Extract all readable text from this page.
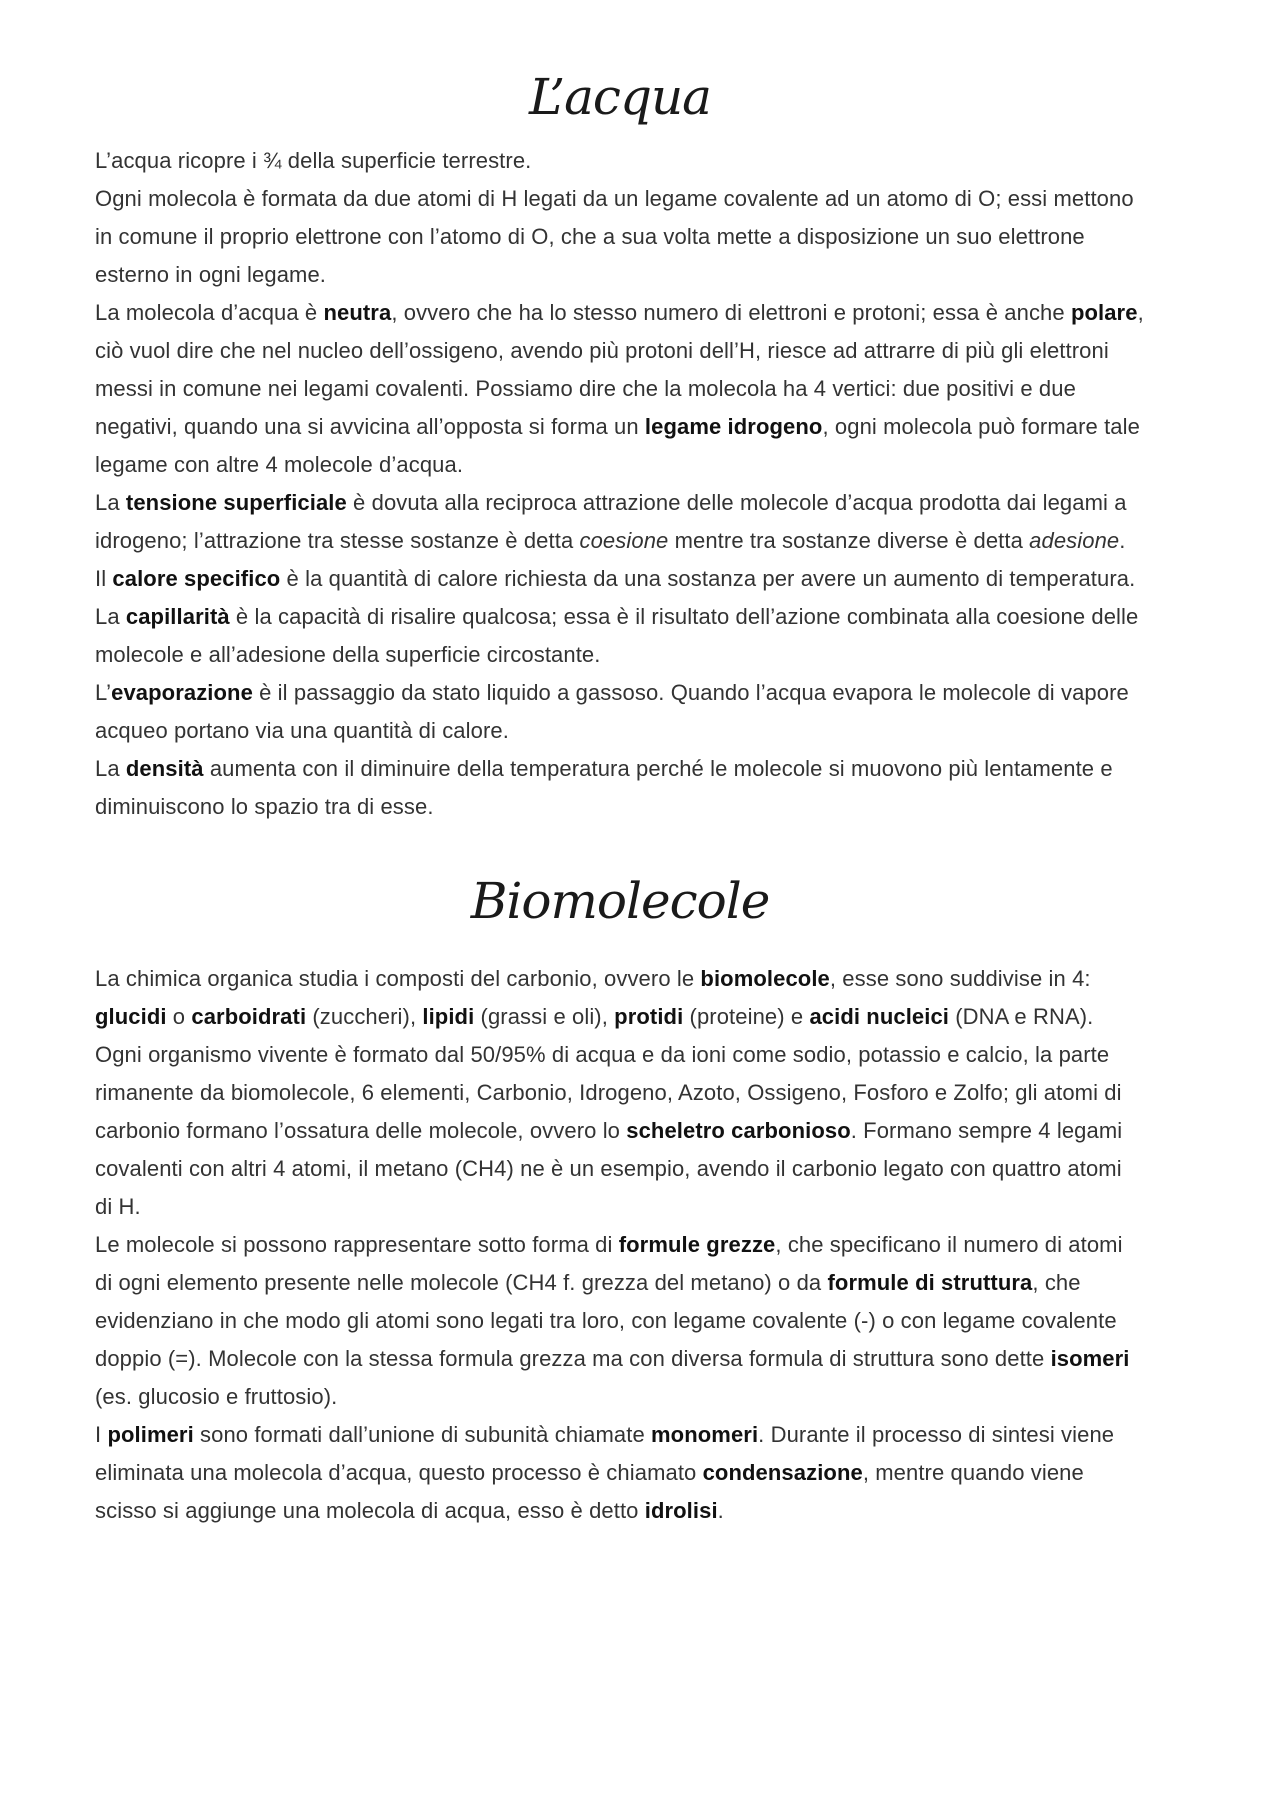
L’acqua

L’acqua ricopre i ¾ della superficie terrestre.

Ogni molecola è formata da due atomi di H legati da un legame covalente ad un atomo di O; essi mettono in comune il proprio elettrone con l’atomo di O, che a sua volta mette a disposizione un suo elettrone esterno in ogni legame.

La molecola d’acqua è neutra, ovvero che ha lo stesso numero di elettroni e protoni; essa è anche polare, ciò vuol dire che nel nucleo dell’ossigeno, avendo più protoni dell’H, riesce ad attrarre di più gli elettroni messi in comune nei legami covalenti. Possiamo dire che la molecola ha 4 vertici: due positivi e due negativi, quando una si avvicina all’opposta si forma un legame idrogeno, ogni molecola può formare tale legame con altre 4 molecole d’acqua.

La tensione superficiale è dovuta alla reciproca attrazione delle molecole d’acqua prodotta dai legami a idrogeno; l’attrazione tra stesse sostanze è detta coesione mentre tra sostanze diverse è detta adesione.

Il calore specifico è la quantità di calore richiesta da una sostanza per avere un aumento di temperatura.

La capillarità è la capacità di risalire qualcosa; essa è il risultato dell’azione combinata alla coesione delle molecole e all’adesione della superficie circostante.

L’evaporazione è il passaggio da stato liquido a gassoso. Quando l’acqua evapora le molecole di vapore acqueo portano via una quantità di calore.

La densità aumenta con il diminuire della temperatura perché le molecole si muovono più lentamente e diminuiscono lo spazio tra di esse.

Biomolecole

La chimica organica studia i composti del carbonio, ovvero le biomolecole, esse sono suddivise in 4: glucidi o carboidrati (zuccheri), lipidi (grassi e oli), protidi (proteine) e acidi nucleici (DNA e RNA).

Ogni organismo vivente è formato dal 50/95% di acqua e da ioni come sodio, potassio e calcio, la parte rimanente da biomolecole, 6 elementi, Carbonio, Idrogeno, Azoto, Ossigeno, Fosforo e Zolfo; gli atomi di carbonio formano l’ossatura delle molecole, ovvero lo scheletro carbonioso. Formano sempre 4 legami covalenti con altri 4 atomi, il metano (CH4) ne è un esempio, avendo il carbonio legato con quattro atomi di H.

Le molecole si possono rappresentare sotto forma di formule grezze, che specificano il numero di atomi di ogni elemento presente nelle molecole (CH4 f. grezza del metano) o da formule di struttura, che evidenziano in che modo gli atomi sono legati tra loro, con legame covalente (-) o con legame covalente doppio (=). Molecole con la stessa formula grezza ma con diversa formula di struttura sono dette isomeri (es. glucosio e fruttosio).

I polimeri sono formati dall’unione di subunità chiamate monomeri. Durante il processo di sintesi viene eliminata una molecola d’acqua, questo processo è chiamato condensazione, mentre quando viene scisso si aggiunge una molecola di acqua, esso è detto idrolisi.
